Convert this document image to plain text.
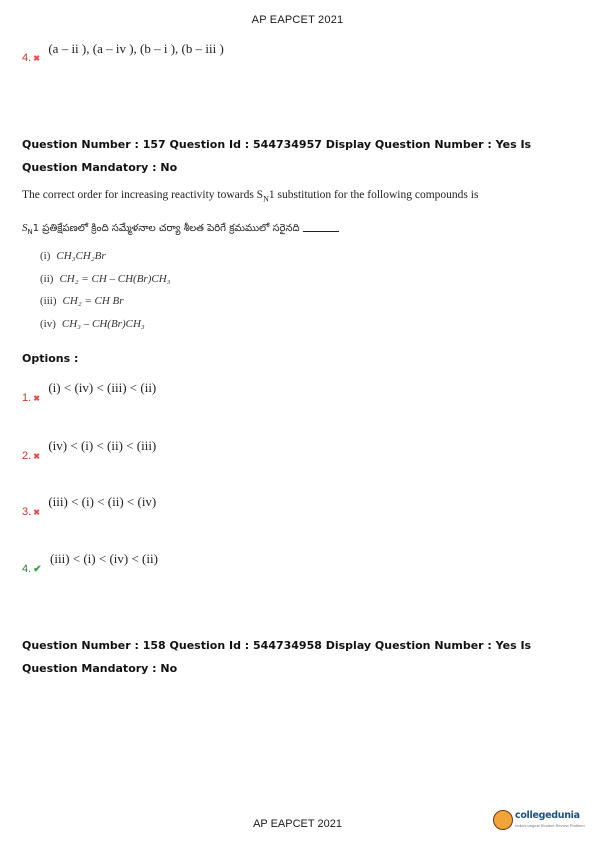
AP EAPCET 2021
4. ✖ $^{(a - ii ), (a - iv ), (b - i ), (b - iii )}$
Question Number : 157 Question Id : 544734957 Display Question Number : Yes Is Question Mandatory : No
The correct order for increasing reactivity towards $S_N1$ substitution for the following compounds is
$S_N1$ ప్రతిక్షేపణలో క్రింది సమ్మేళనాల చర్యా శీలత పెరిగే క్రమములో సరైనది
(i) CH₃CH₂Br
(ii) CH₂ = CH – CH(Br)CH₃
(iii) CH₂ = CH Br
(iv) CH₃ – CH(Br)CH₃
Options :
1. ✖ $^{(i) < (iv) < (iii) < (ii)}$
2. ✖ $^{(iv) < (i) < (ii) < (iii)}$
3. ✖ $^{(iii) < (i) < (ii) < (iv)}$
4. ✔ $^{(iii) < (i) < (iv) < (ii)}$
Question Number : 158 Question Id : 544734958 Display Question Number : Yes Is Question Mandatory : No
AP EAPCET 2021
collegedunia
India's largest Student Review Platform
